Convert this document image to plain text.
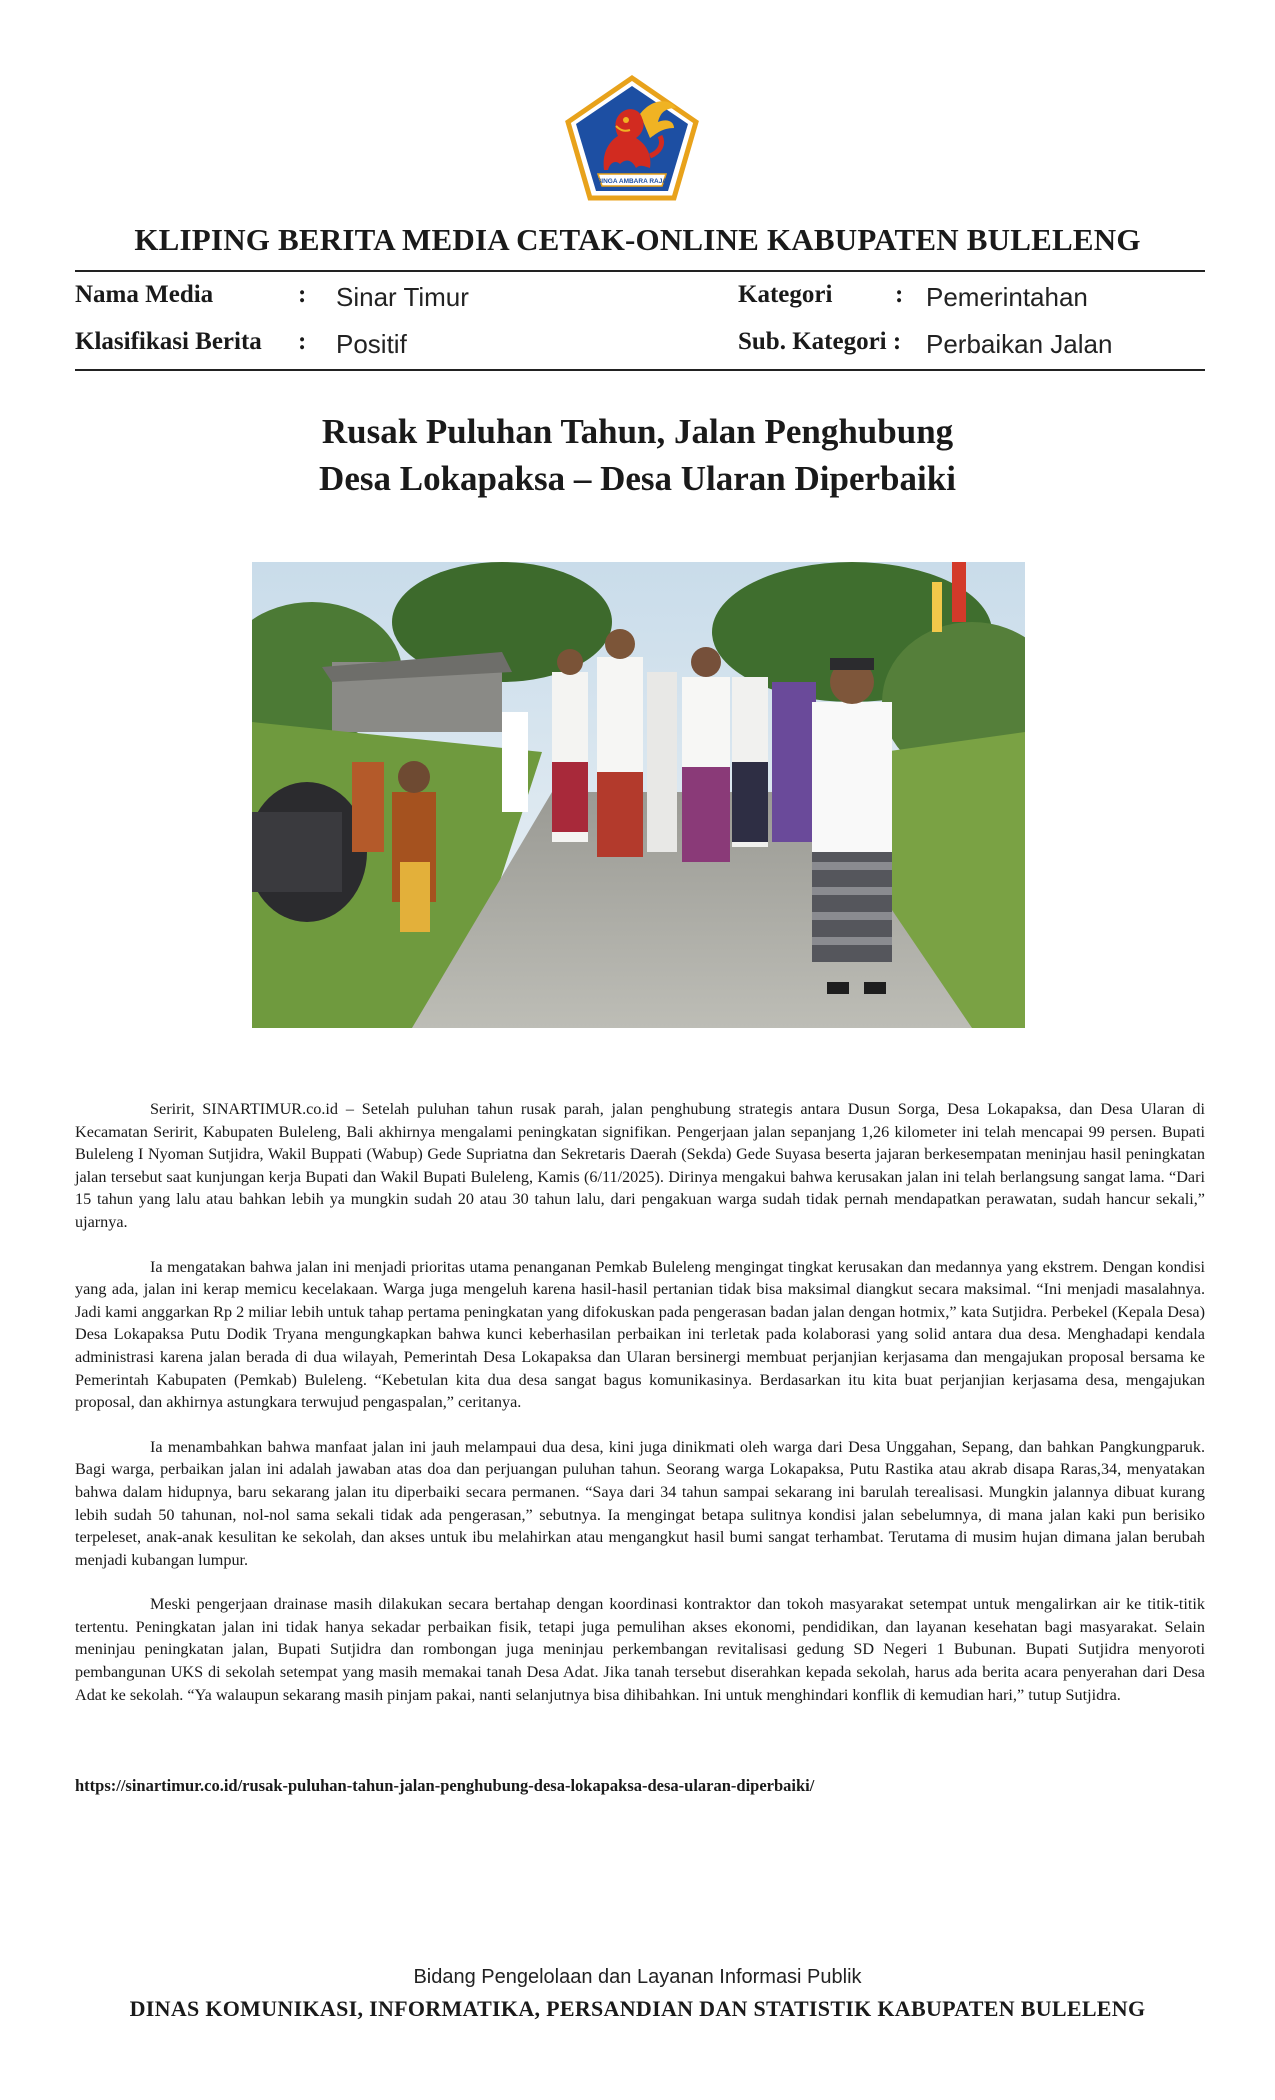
SINGA AMBARA RAJA
KLIPING BERITA MEDIA CETAK-ONLINE KABUPATEN BULELENG
Nama Media	: Sinar Timur	Kategori	: Pemerintahan
Klasifikasi Berita : Positif	Sub. Kategori : Perbaikan Jalan
Rusak Puluhan Tahun, Jalan Penghubung
Desa Lokapaksa – Desa Ularan Diperbaiki

Seririt, SINARTIMUR.co.id – Setelah puluhan tahun rusak parah, jalan penghubung strategis antara Dusun Sorga, Desa Lokapaksa, dan Desa Ularan di Kecamatan Seririt, Kabupaten Buleleng, Bali akhirnya mengalami peningkatan signifikan. Pengerjaan jalan sepanjang 1,26 kilometer ini telah mencapai 99 persen. Bupati Buleleng I Nyoman Sutjidra, Wakil Buppati (Wabup) Gede Supriatna dan Sekretaris Daerah (Sekda) Gede Suyasa beserta jajaran berkesempatan meninjau hasil peningkatan jalan tersebut saat kunjungan kerja Bupati dan Wakil Bupati Buleleng, Kamis (6/11/2025). Dirinya mengakui bahwa kerusakan jalan ini telah berlangsung sangat lama. “Dari 15 tahun yang lalu atau bahkan lebih ya mungkin sudah 20 atau 30 tahun lalu, dari pengakuan warga sudah tidak pernah mendapatkan perawatan, sudah hancur sekali,” ujarnya.

Ia mengatakan bahwa jalan ini menjadi prioritas utama penanganan Pemkab Buleleng mengingat tingkat kerusakan dan medannya yang ekstrem. Dengan kondisi yang ada, jalan ini kerap memicu kecelakaan. Warga juga mengeluh karena hasil-hasil pertanian tidak bisa maksimal diangkut secara maksimal. “Ini menjadi masalahnya. Jadi kami anggarkan Rp 2 miliar lebih untuk tahap pertama peningkatan yang difokuskan pada pengerasan badan jalan dengan hotmix,” kata Sutjidra. Perbekel (Kepala Desa) Desa Lokapaksa Putu Dodik Tryana mengungkapkan bahwa kunci keberhasilan perbaikan ini terletak pada kolaborasi yang solid antara dua desa. Menghadapi kendala administrasi karena jalan berada di dua wilayah, Pemerintah Desa Lokapaksa dan Ularan bersinergi membuat perjanjian kerjasama dan mengajukan proposal bersama ke Pemerintah Kabupaten (Pemkab) Buleleng. “Kebetulan kita dua desa sangat bagus komunikasinya. Berdasarkan itu kita buat perjanjian kerjasama desa, mengajukan proposal, dan akhirnya astungkara terwujud pengaspalan,” ceritanya.

Ia menambahkan bahwa manfaat jalan ini jauh melampaui dua desa, kini juga dinikmati oleh warga dari Desa Unggahan, Sepang, dan bahkan Pangkungparuk. Bagi warga, perbaikan jalan ini adalah jawaban atas doa dan perjuangan puluhan tahun. Seorang warga Lokapaksa, Putu Rastika atau akrab disapa Raras,34, menyatakan bahwa dalam hidupnya, baru sekarang jalan itu diperbaiki secara permanen. “Saya dari 34 tahun sampai sekarang ini barulah terealisasi. Mungkin jalannya dibuat kurang lebih sudah 50 tahunan, nol-nol sama sekali tidak ada pengerasan,” sebutnya. Ia mengingat betapa sulitnya kondisi jalan sebelumnya, di mana jalan kaki pun berisiko terpeleset, anak-anak kesulitan ke sekolah, dan akses untuk ibu melahirkan atau mengangkut hasil bumi sangat terhambat. Terutama di musim hujan dimana jalan berubah menjadi kubangan lumpur.

Meski pengerjaan drainase masih dilakukan secara bertahap dengan koordinasi kontraktor dan tokoh masyarakat setempat untuk mengalirkan air ke titik-titik tertentu. Peningkatan jalan ini tidak hanya sekadar perbaikan fisik, tetapi juga pemulihan akses ekonomi, pendidikan, dan layanan kesehatan bagi masyarakat. Selain meninjau peningkatan jalan, Bupati Sutjidra dan rombongan juga meninjau perkembangan revitalisasi gedung SD Negeri 1 Bubunan. Bupati Sutjidra menyoroti pembangunan UKS di sekolah setempat yang masih memakai tanah Desa Adat. Jika tanah tersebut diserahkan kepada sekolah, harus ada berita acara penyerahan dari Desa Adat ke sekolah. “Ya walaupun sekarang masih pinjam pakai, nanti selanjutnya bisa dihibahkan. Ini untuk menghindari konflik di kemudian hari,” tutup Sutjidra.

https://sinartimur.co.id/rusak-puluhan-tahun-jalan-penghubung-desa-lokapaksa-desa-ularan-diperbaiki/
Bidang Pengelolaan dan Layanan Informasi Publik
DINAS KOMUNIKASI, INFORMATIKA, PERSANDIAN DAN STATISTIK KABUPATEN BULELENG
